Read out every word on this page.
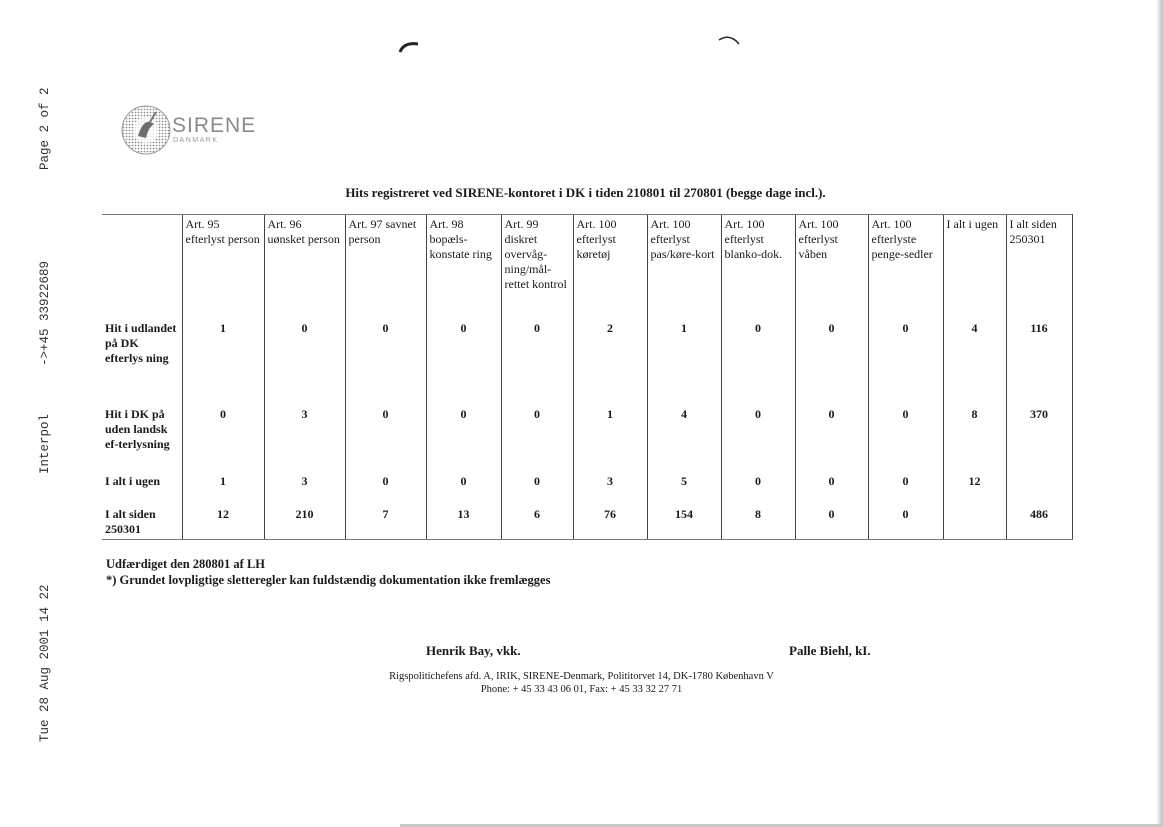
Tue 28 Aug 2001 14 22
Interpol
->+45 33922689
Page 2 of 2	SIRENE
DANMARK
Hits registreret ved SIRENE-kontoret i DK i tiden 210801 til 270801 (begge dage incl.).
	Art. 95 efterlyst person	Art. 96 uønsket person	Art. 97 savnet person	Art. 98 bopæls-konstate ring	Art. 99 diskret overvåg-ning/mål-rettet kontrol	Art. 100 efterlyst køretøj	Art. 100 efterlyst pas/køre-kort	Art. 100 efterlyst blanko-dok.	Art. 100 efterlyst våben	Art. 100 efterlyste penge-sedler	I alt i ugen	I alt siden 250301
Hit i udlandet på DK efterlys ning	1	0	0	0	0	2	1	0	0	0	4	116
Hit i DK på uden landsk ef-terlysning	0	3	0	0	0	1	4	0	0	0	8	370
I alt i ugen	1	3	0	0	0	3	5	0	0	0	12	
I alt siden 250301	12	210	7	13	6	76	154	8	0	0		486
Udfærdiget den 280801 af LH
*) Grundet lovpligtige sletteregler kan fuldstændig dokumentation ikke fremlægges
Henrik Bay, vkk.	Palle Biehl, kI.
Rigspolitichefens afd. A, IRIK, SIRENE-Denmark, Polititorvet 14, DK-1780 København V
Phone: + 45 33 43 06 01, Fax: + 45 33 32 27 71
